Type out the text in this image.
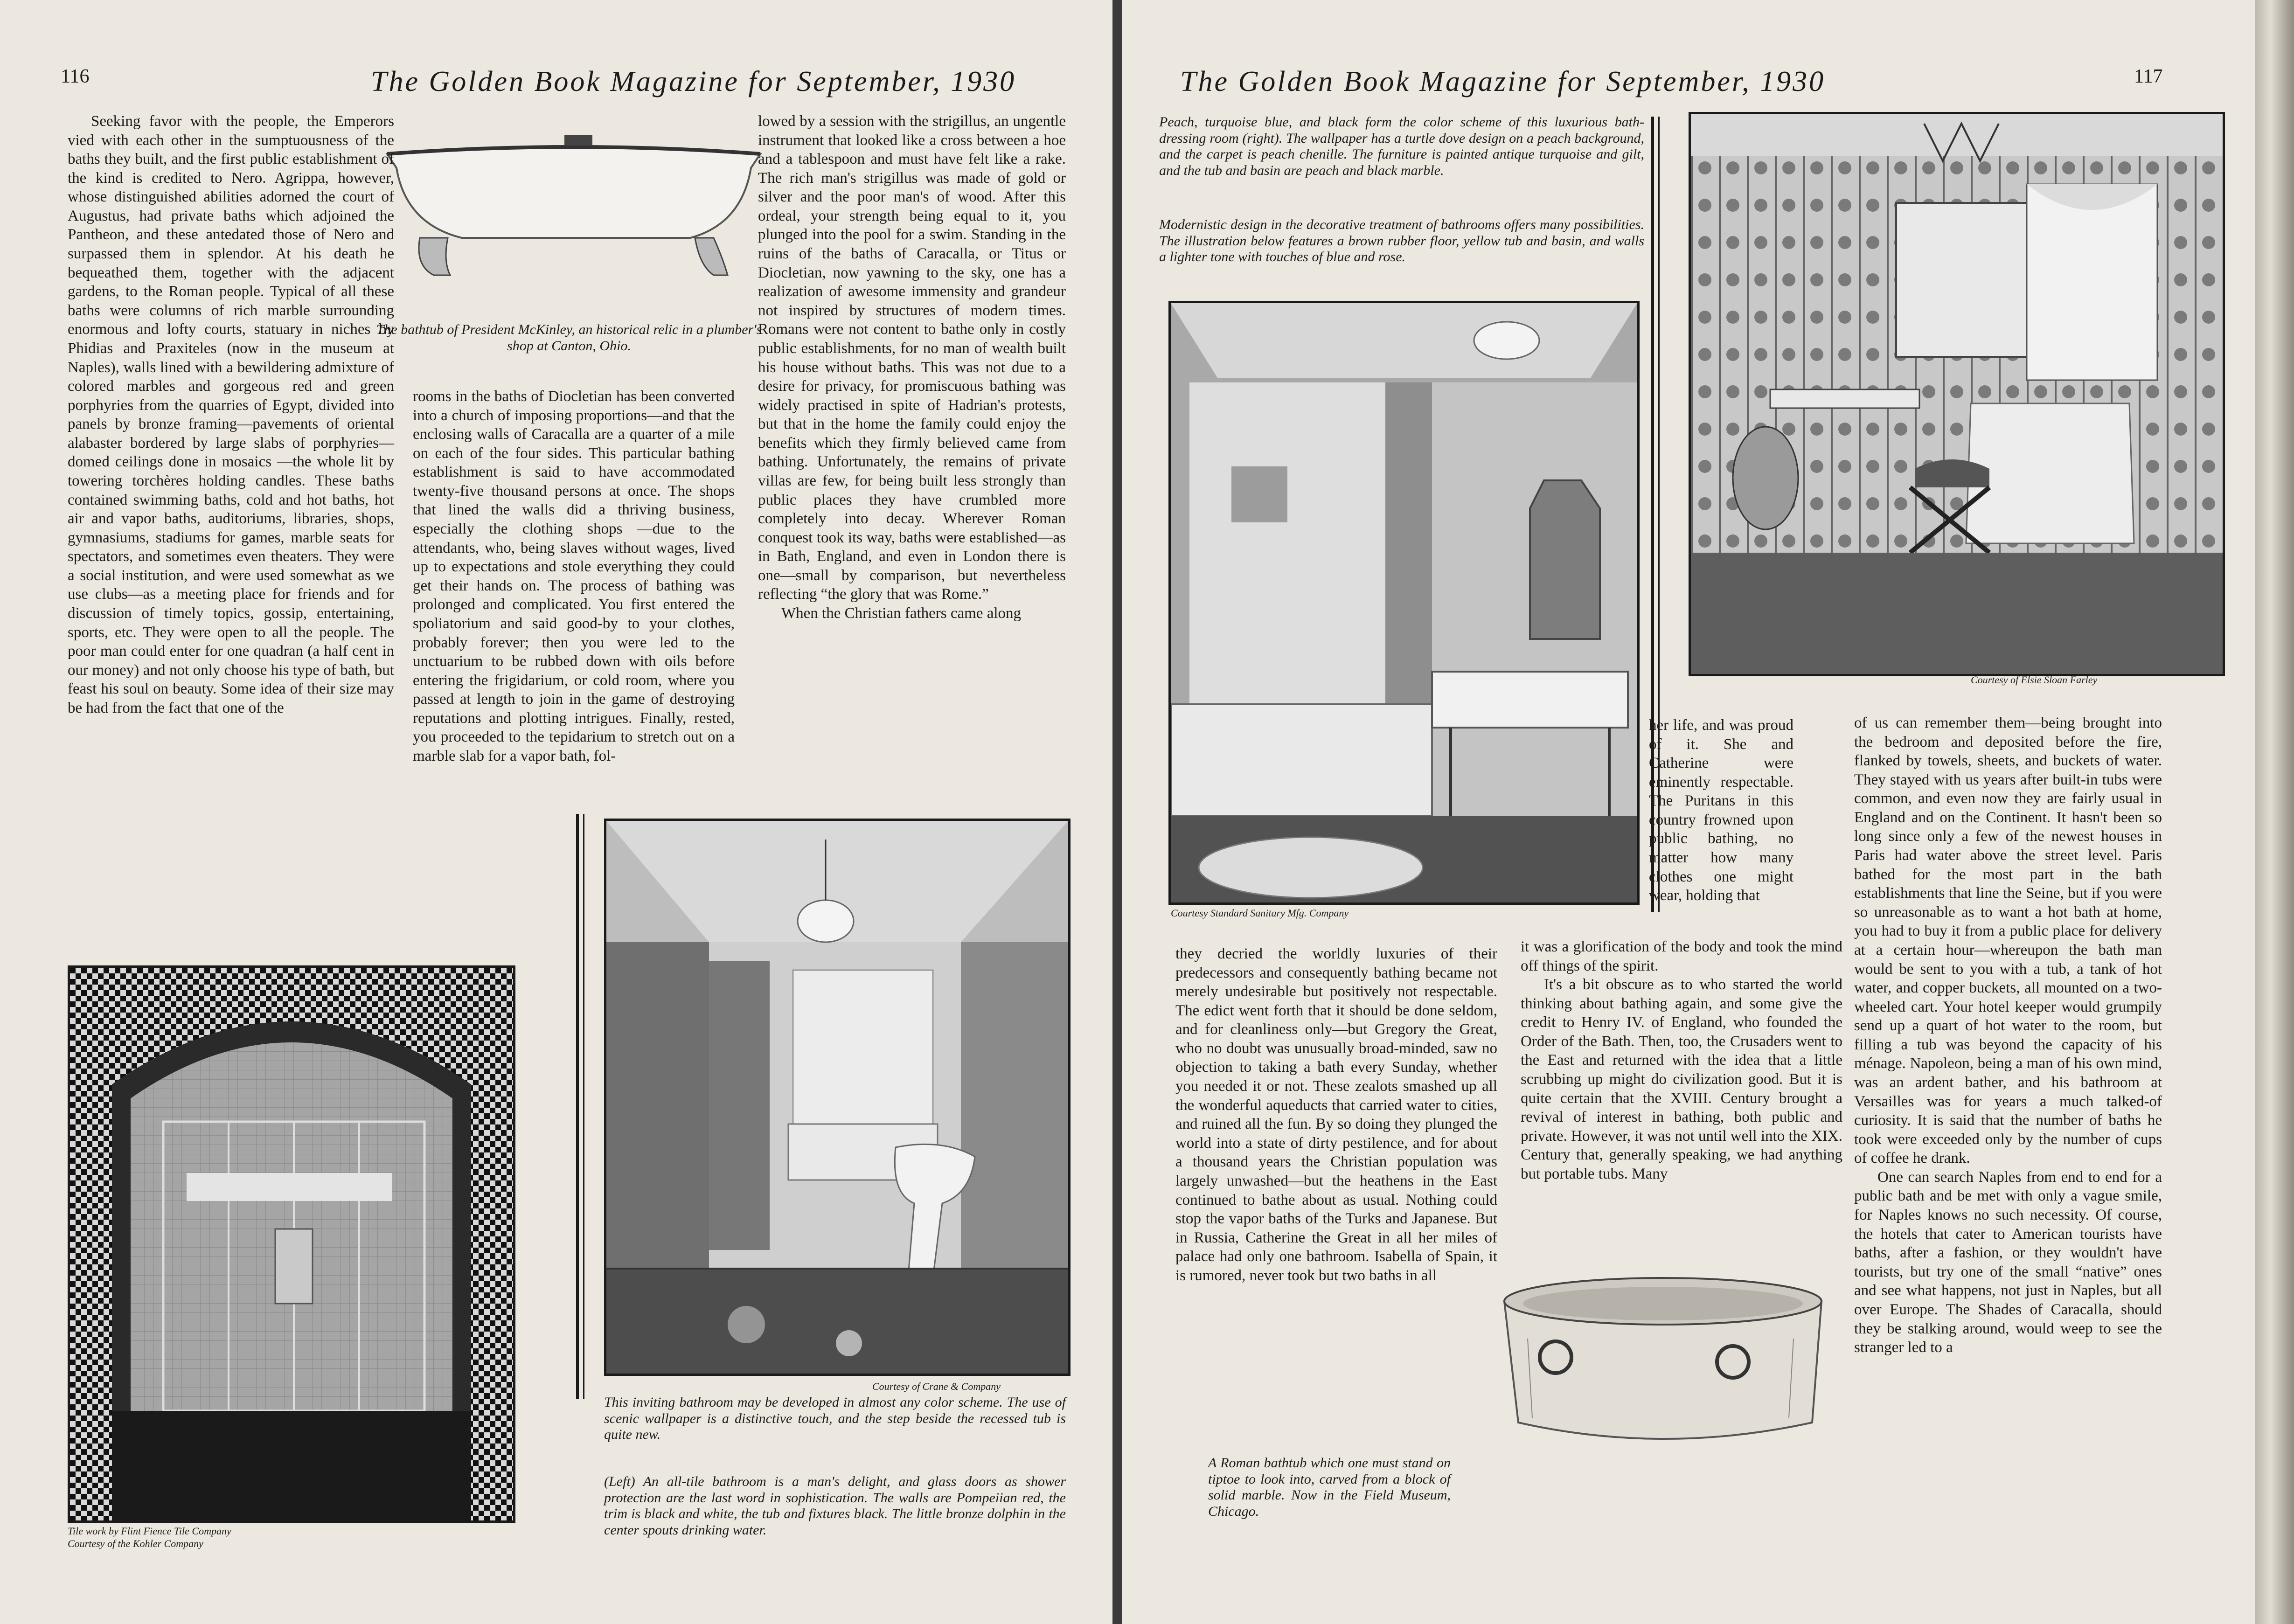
116	The Golden Book Magazine for September, 1930
The bathtub of President McKinley, an historical relic in a plumber's shop at Canton, Ohio.

Seeking favor with the people, the Emperors vied with each other in the sumptuousness of the baths they built, and the first public establishment of the kind is credited to Nero. Agrippa, however, whose distinguished abilities adorned the court of Augustus, had private baths which adjoined the Pantheon, and these antedated those of Nero and surpassed them in splendor. At his death he bequeathed them, together with the adjacent gardens, to the Roman people. Typical of all these baths were columns of rich marble surrounding enormous and lofty courts, statuary in niches by Phidias and Praxiteles (now in the museum at Naples), walls lined with a bewildering admixture of colored marbles and gorgeous red and green porphyries from the quarries of Egypt, divided into panels by bronze framing—pavements of oriental alabaster bordered by large slabs of porphyries—domed ceilings done in mosaics —the whole lit by towering torchères holding candles. These baths contained swimming baths, cold and hot baths, hot air and vapor baths, auditoriums, libraries, shops, gymnasiums, stadiums for games, marble seats for spectators, and sometimes even theaters. They were a social institution, and were used somewhat as we use clubs—as a meeting place for friends and for discussion of timely topics, gossip, entertaining, sports, etc. They were open to all the people. The poor man could enter for one quadran (a half cent in our money) and not only choose his type of bath, but feast his soul on beauty. Some idea of their size may be had from the fact that one of the

rooms in the baths of Diocletian has been converted into a church of imposing proportions—and that the enclosing walls of Caracalla are a quarter of a mile on each of the four sides. This particular bathing establishment is said to have accommodated twenty-five thousand persons at once. The shops that lined the walls did a thriving business, especially the clothing shops —due to the attendants, who, being slaves without wages, lived up to expectations and stole everything they could get their hands on. The process of bathing was prolonged and complicated. You first entered the spoliatorium and said good-by to your clothes, probably forever; then you were led to the unctuarium to be rubbed down with oils before entering the frigidarium, or cold room, where you passed at length to join in the game of destroying reputations and plotting intrigues. Finally, rested, you proceeded to the tepidarium to stretch out on a marble slab for a vapor bath, fol-

lowed by a session with the strigillus, an ungentle instrument that looked like a cross between a hoe and a tablespoon and must have felt like a rake. The rich man's strigillus was made of gold or silver and the poor man's of wood. After this ordeal, your strength being equal to it, you plunged into the pool for a swim. Standing in the ruins of the baths of Caracalla, or Titus or Diocletian, now yawning to the sky, one has a realization of awesome immensity and grandeur not inspired by structures of modern times. Romans were not content to bathe only in costly public establishments, for no man of wealth built his house without baths. This was not due to a desire for privacy, for promiscuous bathing was widely practised in spite of Hadrian's protests, but that in the home the family could enjoy the benefits which they firmly believed came from bathing. Unfortunately, the remains of private villas are few, for being built less strongly than public places they have crumbled more completely into decay. Wherever Roman conquest took its way, baths were established—as in Bath, England, and even in London there is one—small by comparison, but nevertheless reflecting “the glory that was Rome.”

When the Christian fathers came along

Tile work by Flint Fience Tile Company
Courtesy of the Kohler Company
Courtesy of Crane & Company
This inviting bathroom may be developed in almost any color scheme. The use of scenic wallpaper is a distinctive touch, and the step beside the recessed tub is quite new.
(Left) An all-tile bathroom is a man's delight, and glass doors as shower protection are the last word in sophistication. The walls are Pompeiian red, the trim is black and white, the tub and fixtures black. The little bronze dolphin in the center spouts drinking water.
The Golden Book Magazine for September, 1930	117
Peach, turquoise blue, and black form the color scheme of this luxurious bath-dressing room (right). The wallpaper has a turtle dove design on a peach background, and the carpet is peach chenille. The furniture is painted antique turquoise and gilt, and the tub and basin are peach and black marble.
Modernistic design in the decorative treatment of bathrooms offers many possibilities. The illustration below features a brown rubber floor, yellow tub and basin, and walls a lighter tone with touches of blue and rose.
Courtesy Standard Sanitary Mfg. Company
Courtesy of Elsie Sloan Farley

her life, and was proud of it. She and Catherine were eminently respectable. The Puritans in this country frowned upon public bathing, no matter how many clothes one might wear, holding that

they decried the worldly luxuries of their predecessors and consequently bathing became not merely undesirable but positively not respectable. The edict went forth that it should be done seldom, and for cleanliness only—but Gregory the Great, who no doubt was unusually broad-minded, saw no objection to taking a bath every Sunday, whether you needed it or not. These zealots smashed up all the wonderful aqueducts that carried water to cities, and ruined all the fun. By so doing they plunged the world into a state of dirty pestilence, and for about a thousand years the Christian population was largely unwashed—but the heathens in the East continued to bathe about as usual. Nothing could stop the vapor baths of the Turks and Japanese. But in Russia, Catherine the Great in all her miles of palace had only one bathroom. Isabella of Spain, it is rumored, never took but two baths in all

it was a glorification of the body and took the mind off things of the spirit.

It's a bit obscure as to who started the world thinking about bathing again, and some give the credit to Henry IV. of England, who founded the Order of the Bath. Then, too, the Crusaders went to the East and returned with the idea that a little scrubbing up might do civilization good. But it is quite certain that the XVIII. Century brought a revival of interest in bathing, both public and private. However, it was not until well into the XIX. Century that, generally speaking, we had anything but portable tubs. Many

of us can remember them—being brought into the bedroom and deposited before the fire, flanked by towels, sheets, and buckets of water. They stayed with us years after built-in tubs were common, and even now they are fairly usual in England and on the Continent. It hasn't been so long since only a few of the newest houses in Paris had water above the street level. Paris bathed for the most part in the bath establishments that line the Seine, but if you were so unreasonable as to want a hot bath at home, you had to buy it from a public place for delivery at a certain hour—whereupon the bath man would be sent to you with a tub, a tank of hot water, and copper buckets, all mounted on a two-wheeled cart. Your hotel keeper would grumpily send up a quart of hot water to the room, but filling a tub was beyond the capacity of his ménage. Napoleon, being a man of his own mind, was an ardent bather, and his bathroom at Versailles was for years a much talked-of curiosity. It is said that the number of baths he took were exceeded only by the number of cups of coffee he drank.

One can search Naples from end to end for a public bath and be met with only a vague smile, for Naples knows no such necessity. Of course, the hotels that cater to American tourists have baths, after a fashion, or they wouldn't have tourists, but try one of the small “native” ones and see what happens, not just in Naples, but all over Europe. The Shades of Caracalla, should they be stalking around, would weep to see the stranger led to a

A Roman bathtub which one must stand on tiptoe to look into, carved from a block of solid marble. Now in the Field Museum, Chicago.
